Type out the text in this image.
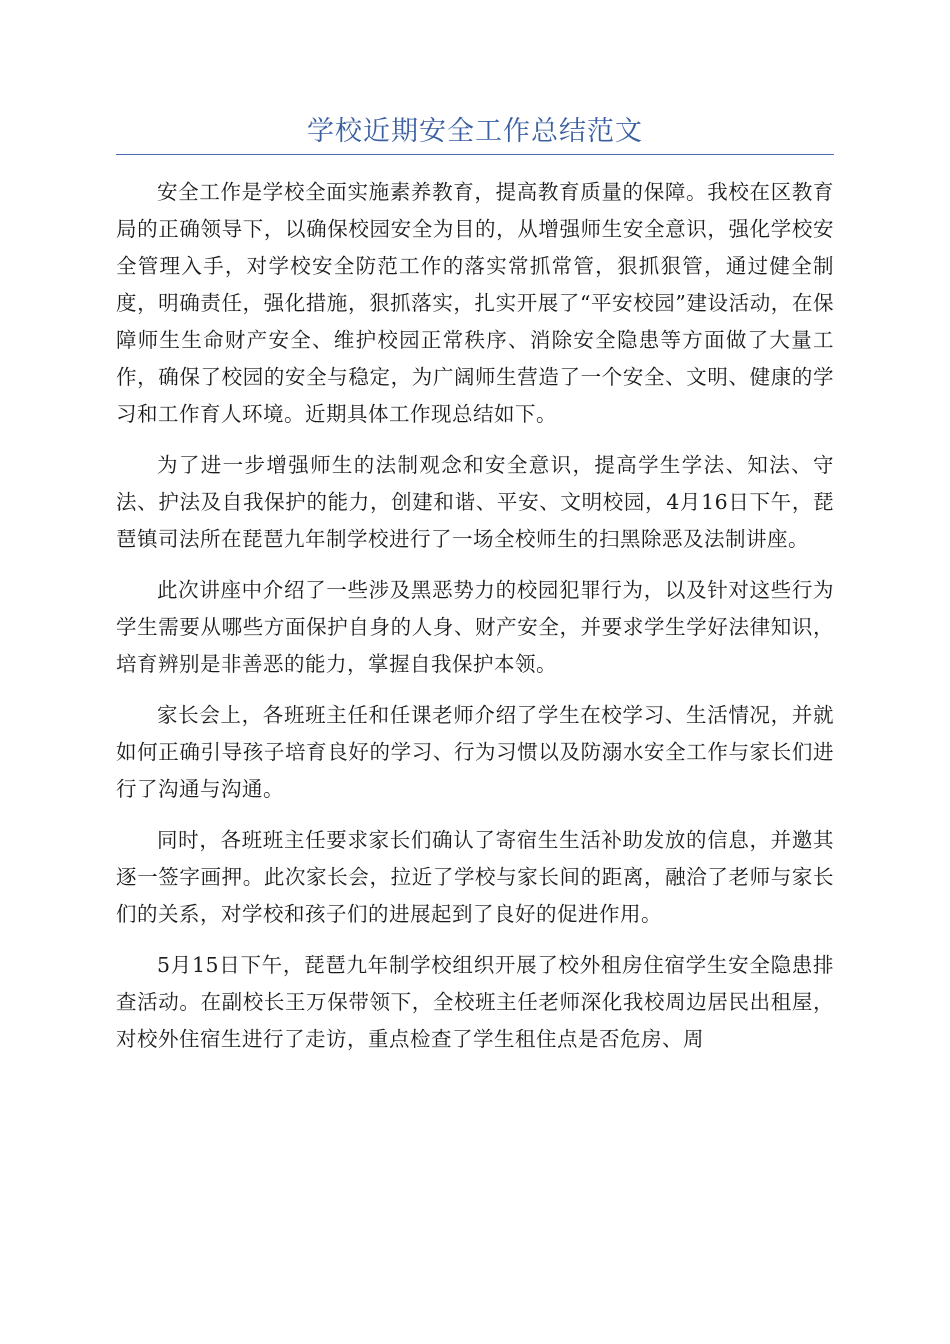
学校近期安全工作总结范文

安全工作是学校全面实施素养教育，提高教育质量的保障。我校在区教育局的正确领导下，以确保校园安全为目的，从增强师生安全意识，强化学校安全管理入手，对学校安全防范工作的落实常抓常管，狠抓狠管，通过健全制度，明确责任，强化措施，狠抓落实，扎实开展了“平安校园”建设活动，在保障师生生命财产安全、维护校园正常秩序、消除安全隐患等方面做了大量工作，确保了校园的安全与稳定，为广阔师生营造了一个安全、文明、健康的学习和工作育人环境。近期具体工作现总结如下。

为了进一步增强师生的法制观念和安全意识，提高学生学法、知法、守法、护法及自我保护的能力，创建和谐、平安、文明校园，4月16日下午，琵琶镇司法所在琵琶九年制学校进行了一场全校师生的扫黑除恶及法制讲座。

此次讲座中介绍了一些涉及黑恶势力的校园犯罪行为，以及针对这些行为学生需要从哪些方面保护自身的人身、财产安全，并要求学生学好法律知识，培育辨别是非善恶的能力，掌握自我保护本领。

家长会上，各班班主任和任课老师介绍了学生在校学习、生活情况，并就如何正确引导孩子培育良好的学习、行为习惯以及防溺水安全工作与家长们进行了沟通与沟通。

同时，各班班主任要求家长们确认了寄宿生生活补助发放的信息，并邀其逐一签字画押。此次家长会，拉近了学校与家长间的距离，融洽了老师与家长们的关系，对学校和孩子们的进展起到了良好的促进作用。

5月15日下午，琵琶九年制学校组织开展了校外租房住宿学生安全隐患排查活动。在副校长王万保带领下，全校班主任老师深化我校周边居民出租屋，对校外住宿生进行了走访，重点检查了学生租住点是否危房、周
